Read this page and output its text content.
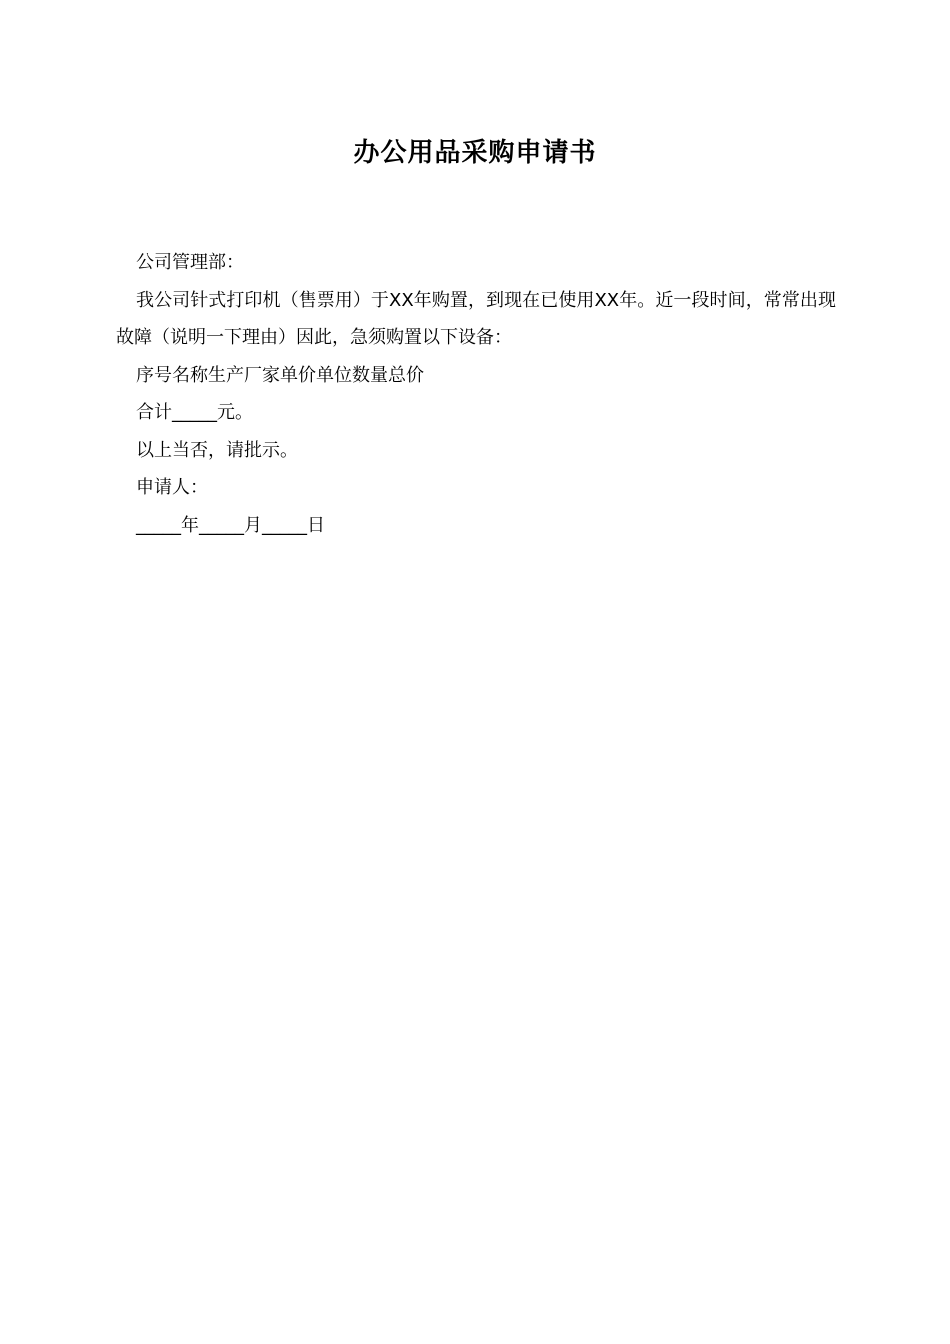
办公用品采购申请书

公司管理部：

我公司针式打印机（售票用）于XX年购置，到现在已使用XX年。近一段时间，常常出现故障（说明一下理由）因此，急须购置以下设备：

序号名称生产厂家单价单位数量总价

合计_____元。

以上当否，请批示。

申请人：

_____年_____月_____日
